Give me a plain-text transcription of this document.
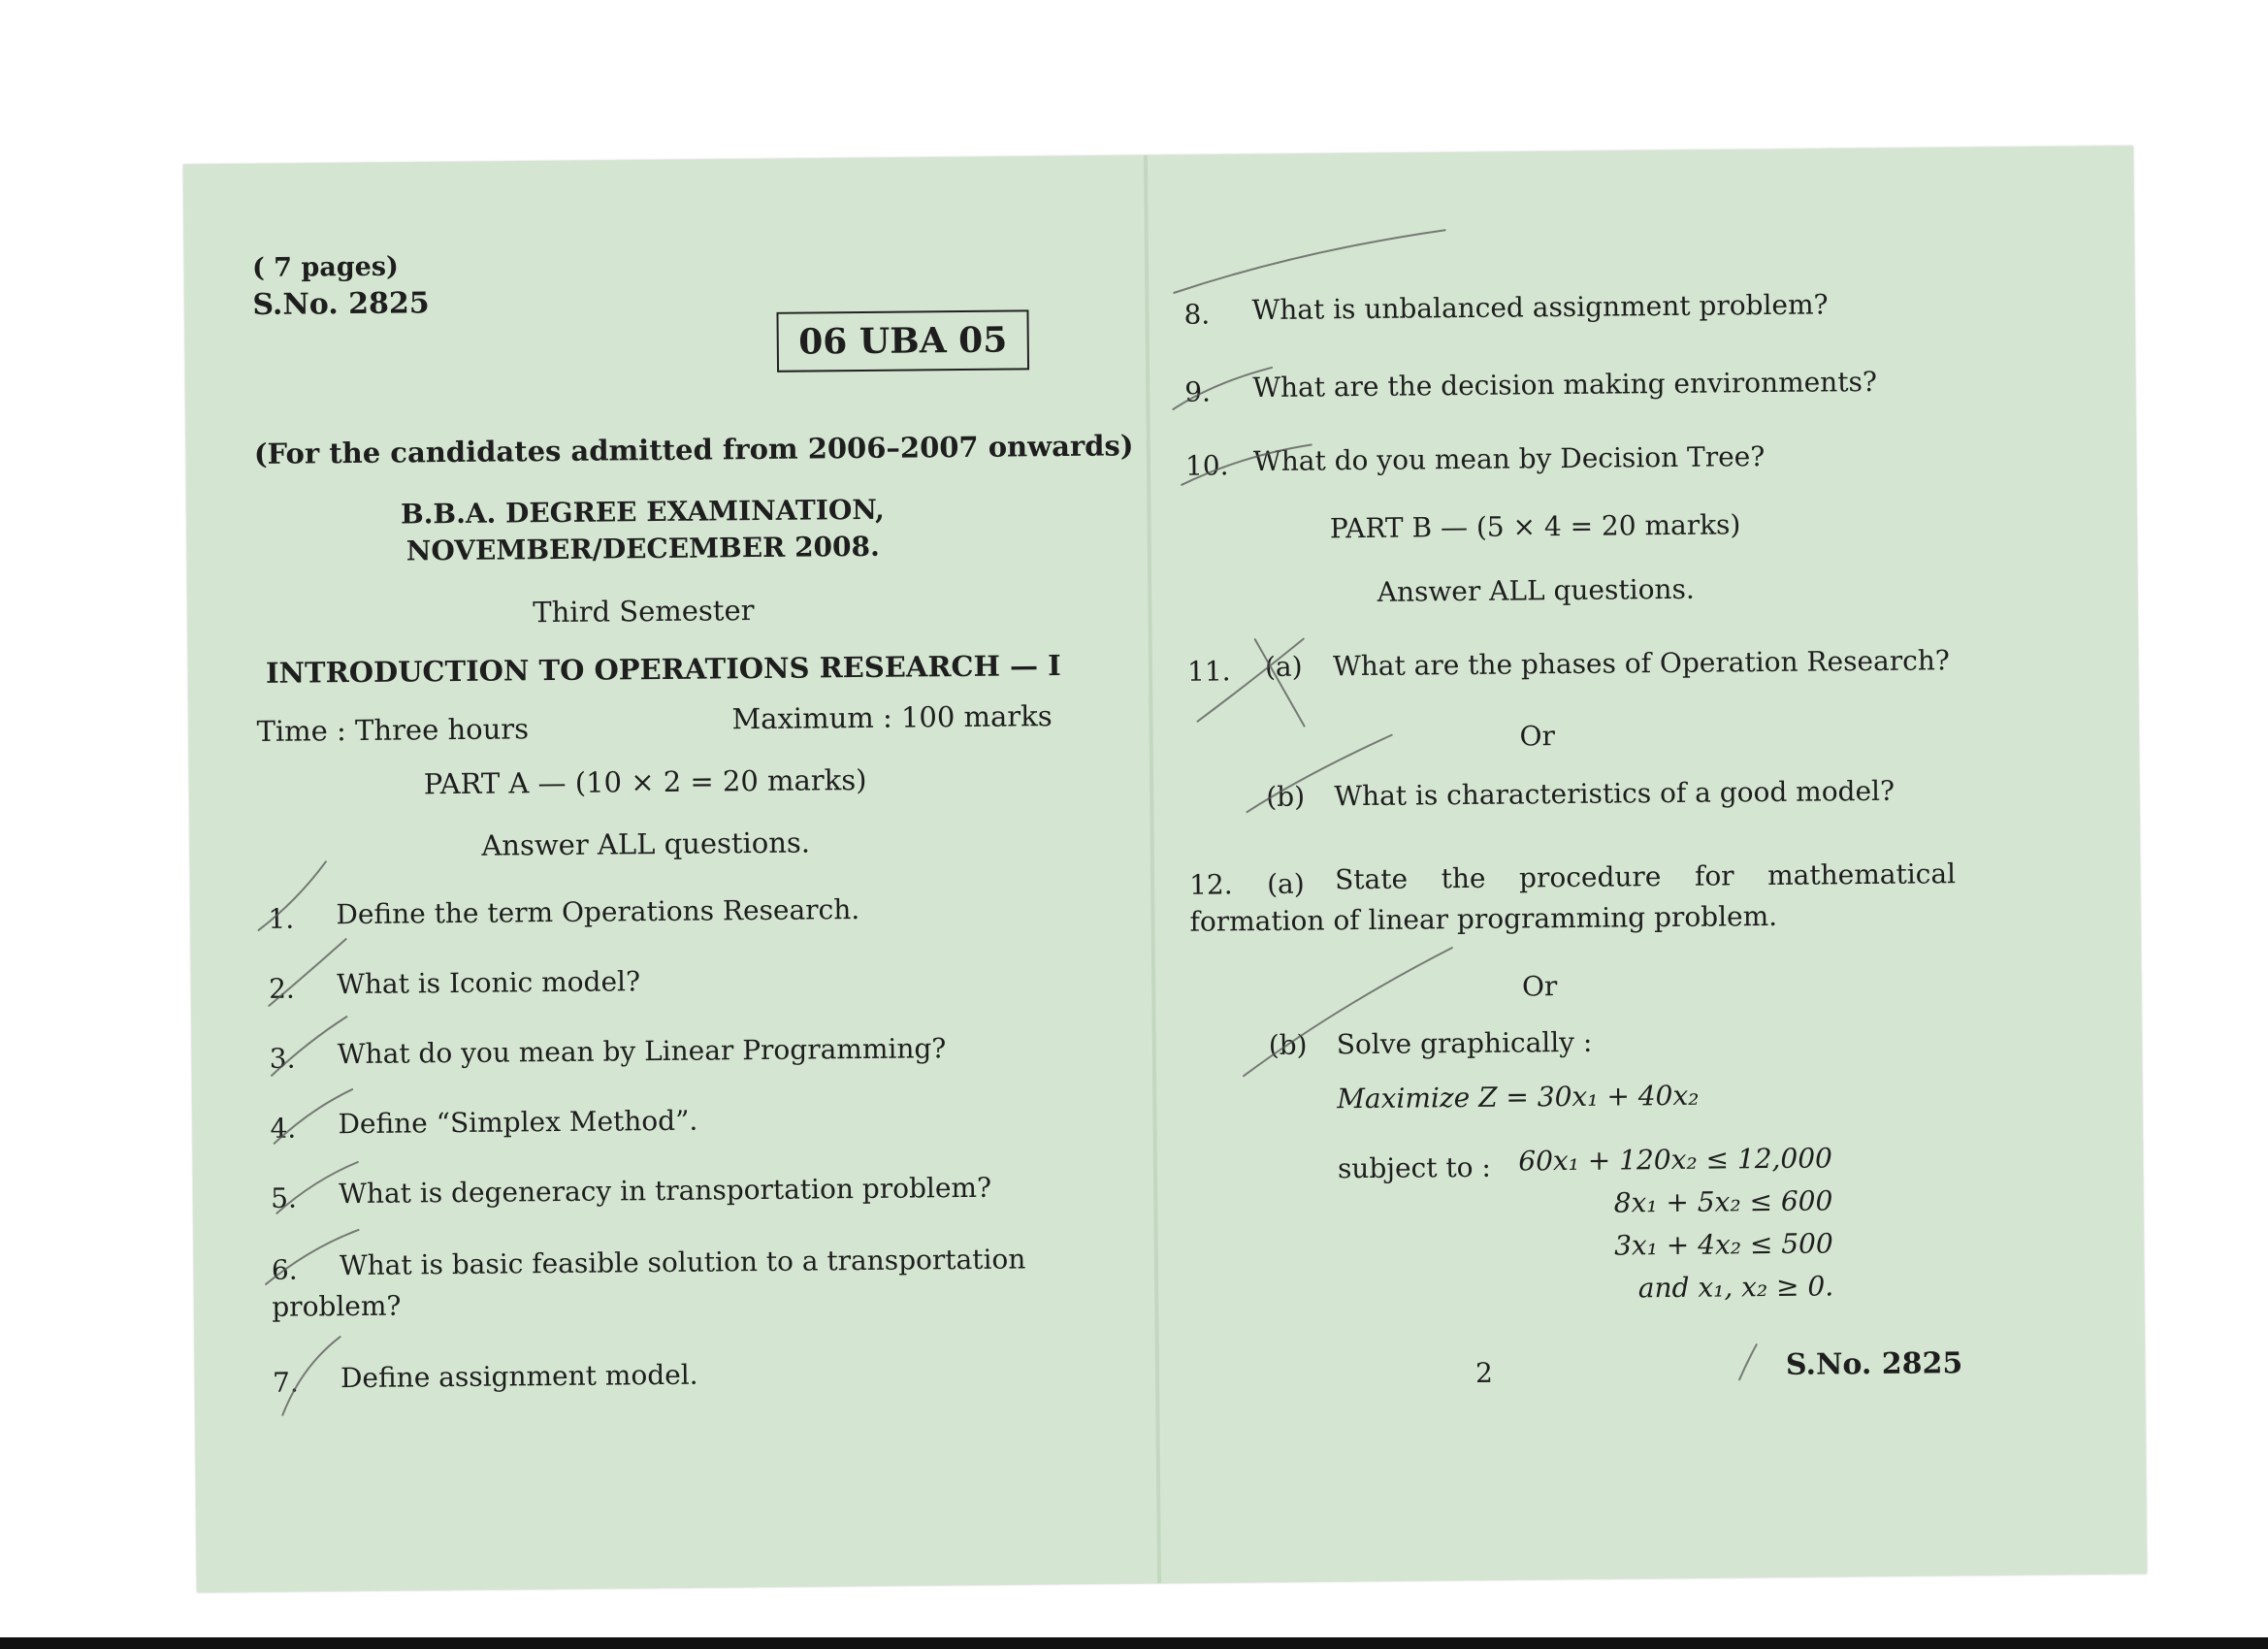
( 7 pages)
S.No. 2825
06 UBA 05
(For the candidates admitted from 2006–2007 onwards)
B.B.A. DEGREE EXAMINATION,
NOVEMBER/DECEMBER 2008.
Third Semester
INTRODUCTION TO OPERATIONS RESEARCH — I
Time : Three hours	Maximum : 100 marks
PART A — (10 × 2 = 20 marks)
Answer ALL questions.
1. Define the term Operations Research.
2. What is Iconic model?
3. What do you mean by Linear Programming?
4. Define “Simplex Method”.
5. What is degeneracy in transportation problem?
6. What is basic feasible solution to a transportation
problem?
7. Define assignment model.
8. What is unbalanced assignment problem?
9. What are the decision making environments?
10. What do you mean by Decision Tree?
PART B — (5 × 4 = 20 marks)
Answer ALL questions.
11. (a) What are the phases of Operation Research?
Or
(b) What is characteristics of a good model?
12. (a) State the procedure for mathematical
formation of linear programming problem.
Or
(b) Solve graphically :
Maximize Z = 30x₁ + 40x₂
subject to :	60x₁ + 120x₂ ≤ 12,000
8x₁ + 5x₂ ≤ 600
3x₁ + 4x₂ ≤ 500
and x₁, x₂ ≥ 0.
2	S.No. 2825
